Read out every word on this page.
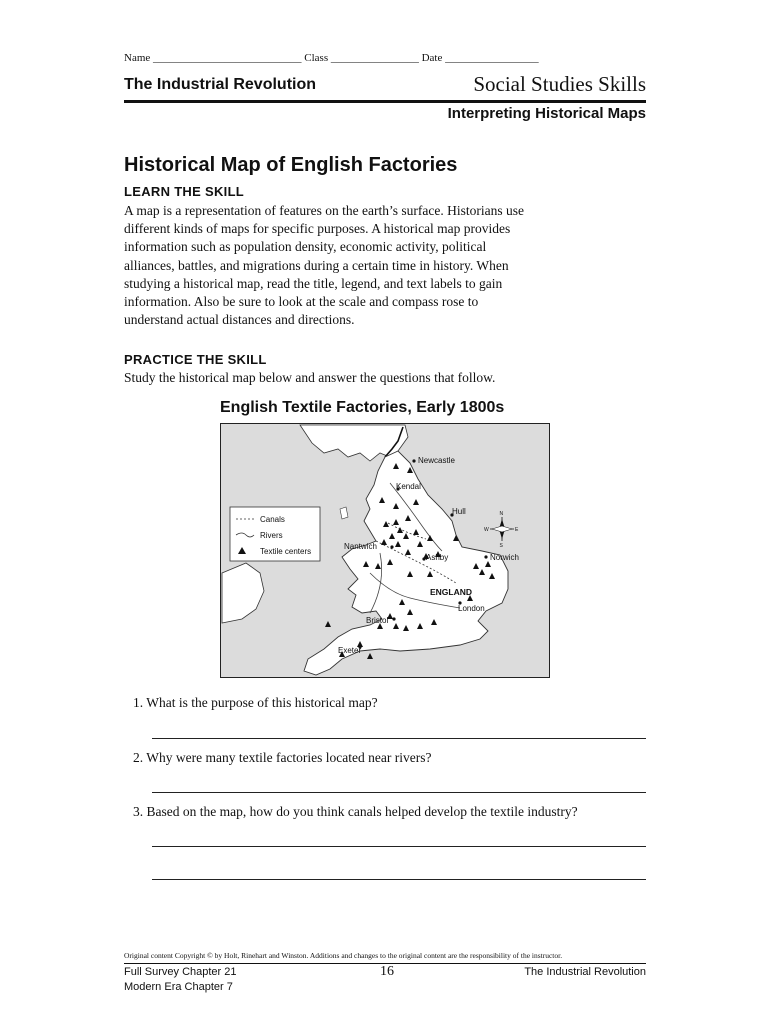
Name ___________________________ Class ________________ Date _________________
The Industrial Revolution	Social Studies Skills
Interpreting Historical Maps
Historical Map of English Factories
LEARN THE SKILL
A map is a representation of features on the earth’s surface. Historians use
different kinds of maps for specific purposes. A historical map provides
information such as population density, economic activity, political
alliances, battles, and migrations during a certain time in history. When
studying a historical map, read the title, legend, and text labels to gain
information. Also be sure to look at the scale and compass rose to
understand actual distances and directions.
PRACTICE THE SKILL
Study the historical map below and answer the questions that follow.
English Textile Factories, Early 1800s
Canals
Rivers
Textile centers
N
S
E
W
Newcastle
Kendal
Hull
Nantwich
Ashby	Norwich
ENGLAND
London
Bristol
Exeter
1. What is the purpose of this historical map?
2. Why were many textile factories located near rivers?
3. Based on the map, how do you think canals helped develop the textile industry?
Original content Copyright © by Holt, Rinehart and Winston. Additions and changes to the original content are the responsibility of the instructor.
Full Survey Chapter 21
Modern Era Chapter 7
16	The Industrial Revolution
